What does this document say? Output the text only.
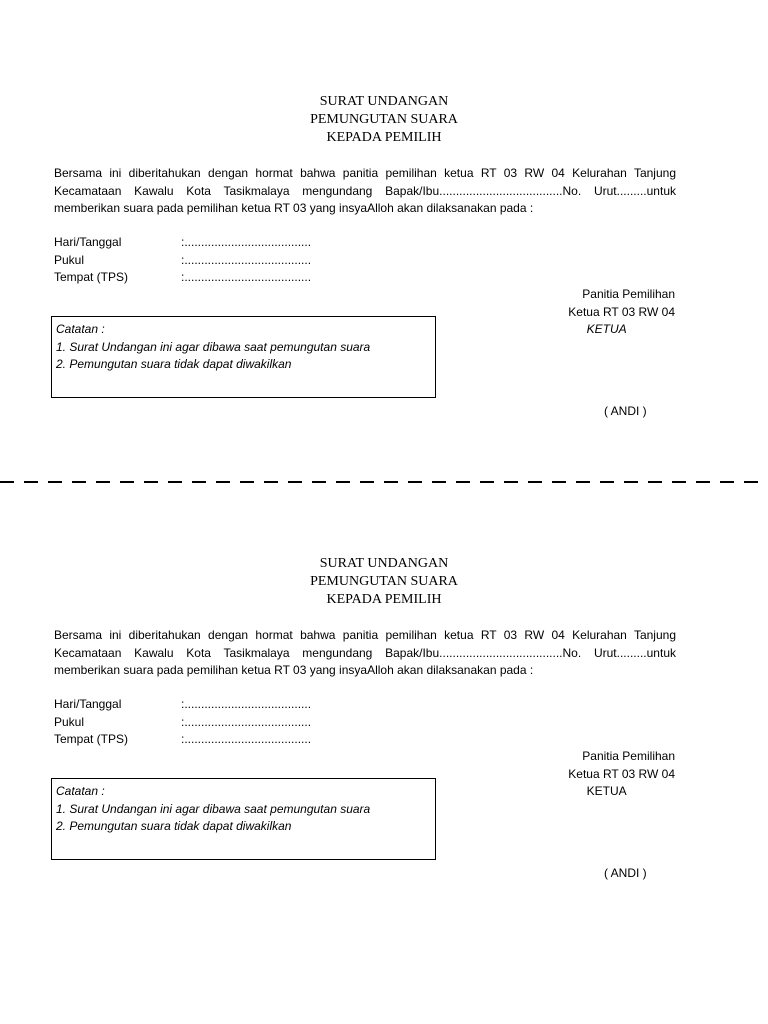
SURAT UNDANGAN
PEMUNGUTAN SUARA
KEPADA PEMILIH
Bersama ini diberitahukan dengan hormat bahwa panitia pemilihan ketua RT 03 RW 04 Kelurahan Tanjung
Kecamataan Kawalu Kota Tasikmalaya mengundang Bapak/Ibu.....................................No. Urut.........untuk
memberikan suara pada pemilihan ketua RT 03 yang insyaAlloh akan dilaksanakan pada :
Hari/Tanggal	:......................................
Pukul	:......................................
Tempat (TPS)	:......................................
Panitia Pemilihan
Ketua RT 03 RW 04
KETUA
( ANDI )
Catatan :
1. Surat Undangan ini agar dibawa saat pemungutan suara
2. Pemungutan suara tidak dapat diwakilkan
SURAT UNDANGAN
PEMUNGUTAN SUARA
KEPADA PEMILIH
Bersama ini diberitahukan dengan hormat bahwa panitia pemilihan ketua RT 03 RW 04 Kelurahan Tanjung
Kecamataan Kawalu Kota Tasikmalaya mengundang Bapak/Ibu.....................................No. Urut.........untuk
memberikan suara pada pemilihan ketua RT 03 yang insyaAlloh akan dilaksanakan pada :
Hari/Tanggal	:......................................
Pukul	:......................................
Tempat (TPS)	:......................................
Panitia Pemilihan
Ketua RT 03 RW 04
KETUA
( ANDI )
Catatan :
1. Surat Undangan ini agar dibawa saat pemungutan suara
2. Pemungutan suara tidak dapat diwakilkan
